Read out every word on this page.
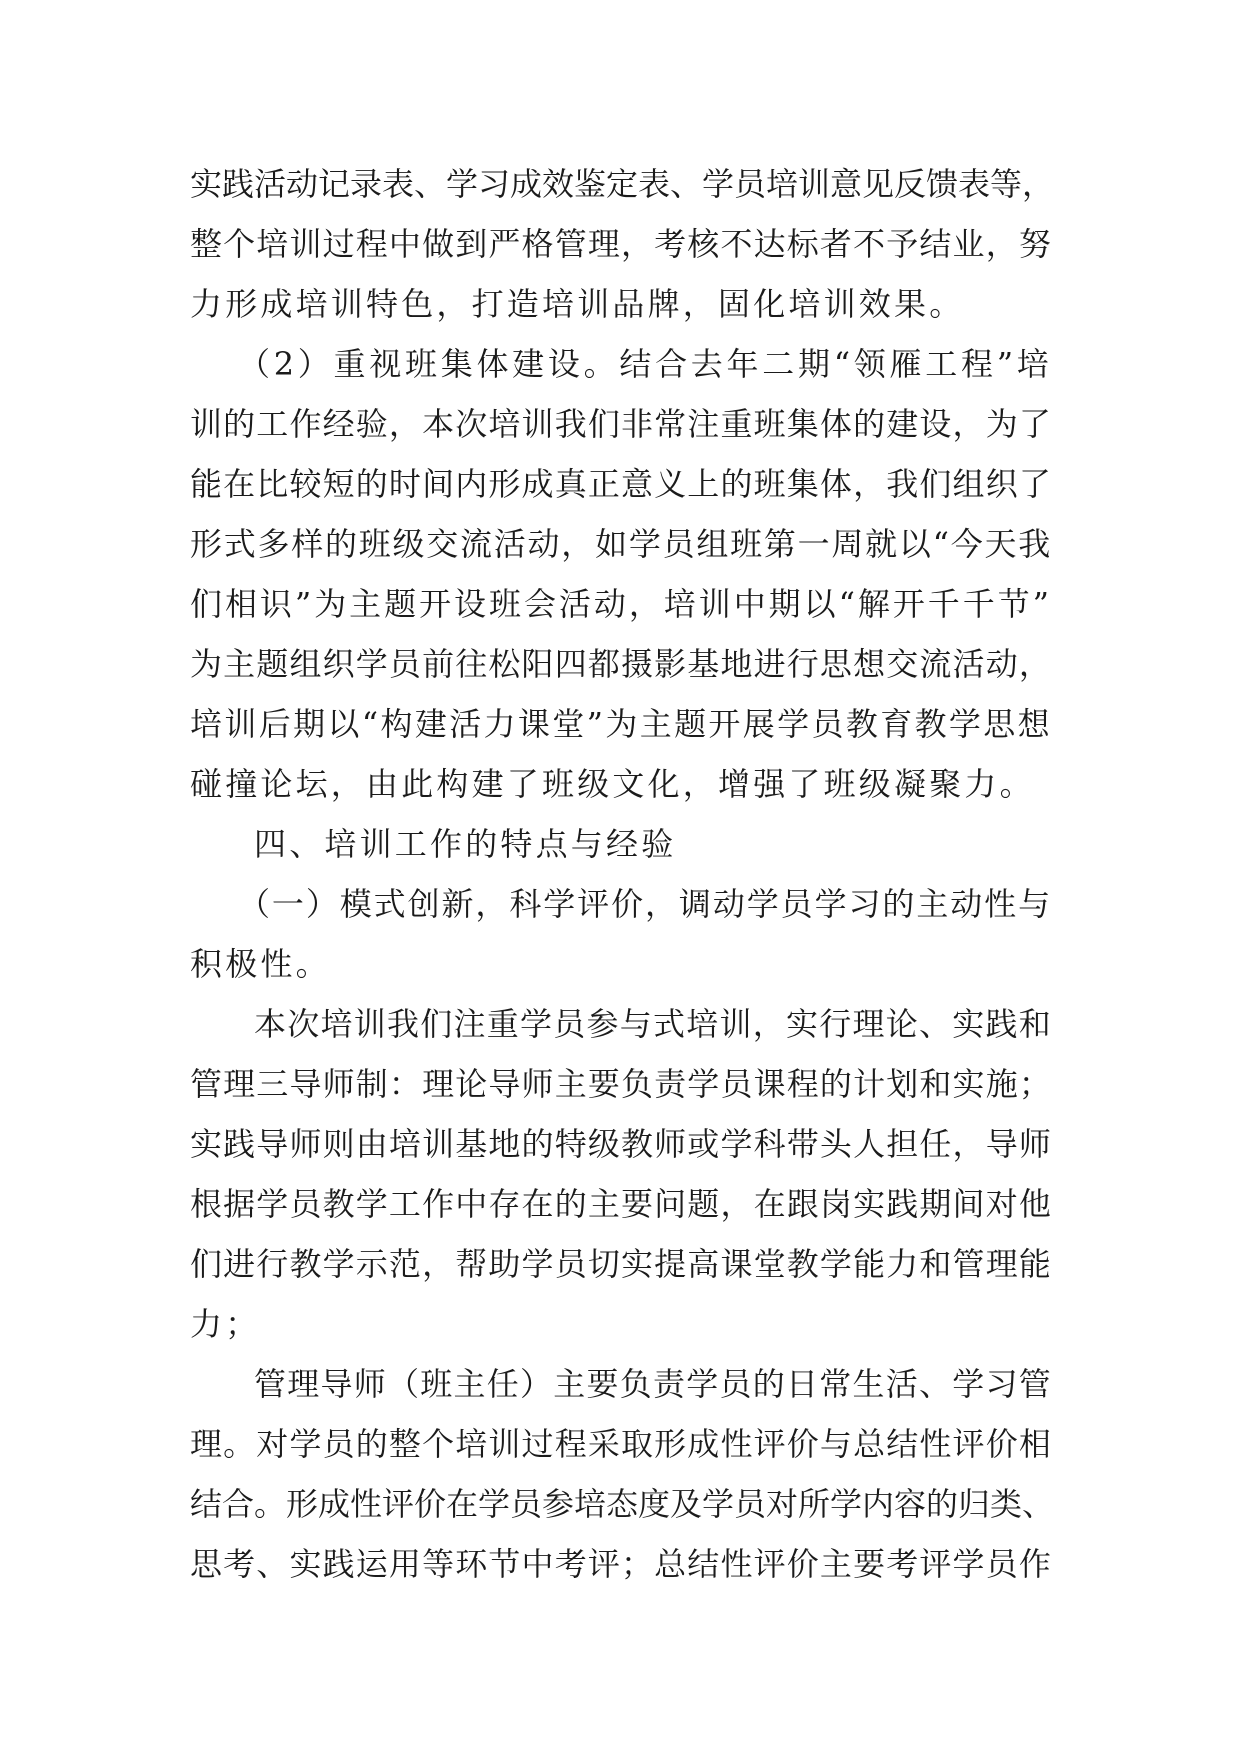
实践活动记录表、学习成效鉴定表、学员培训意见反馈表等，
整个培训过程中做到严格管理，考核不达标者不予结业，努
力形成培训特色，打造培训品牌，固化培训效果。
（2）重视班集体建设。结合去年二期“领雁工程”培
训的工作经验，本次培训我们非常注重班集体的建设，为了
能在比较短的时间内形成真正意义上的班集体，我们组织了
形式多样的班级交流活动，如学员组班第一周就以“今天我
们相识”为主题开设班会活动，培训中期以“解开千千节”
为主题组织学员前往松阳四都摄影基地进行思想交流活动，
培训后期以“构建活力课堂”为主题开展学员教育教学思想
碰撞论坛，由此构建了班级文化，增强了班级凝聚力。
四、培训工作的特点与经验
（一）模式创新，科学评价，调动学员学习的主动性与
积极性。
本次培训我们注重学员参与式培训，实行理论、实践和
管理三导师制：理论导师主要负责学员课程的计划和实施；
实践导师则由培训基地的特级教师或学科带头人担任，导师
根据学员教学工作中存在的主要问题，在跟岗实践期间对他
们进行教学示范，帮助学员切实提高课堂教学能力和管理能
力；
管理导师（班主任）主要负责学员的日常生活、学习管
理。对学员的整个培训过程采取形成性评价与总结性评价相
结合。形成性评价在学员参培态度及学员对所学内容的归类、
思考、实践运用等环节中考评；总结性评价主要考评学员作
